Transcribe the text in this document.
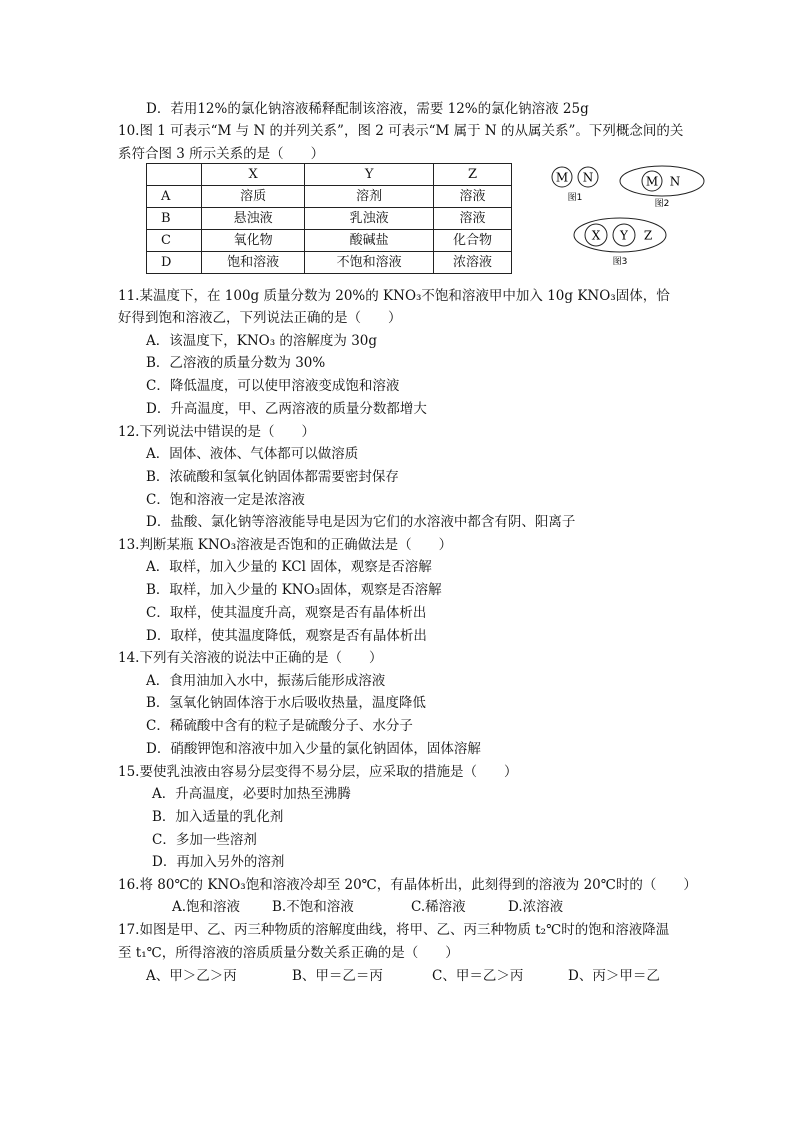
D．若用12%的氯化钠溶液稀释配制该溶液，需要 12%的氯化钠溶液 25g
10.图 1 可表示“M 与 N 的并列关系”，图 2 可表示“M 属于 N 的从属关系”。下列概念间的关
系符合图 3 所示关系的是（　　）
	X	Y	Z
A	溶质	溶剂	溶液
B	悬浊液	乳浊液	溶液
C	氧化物	酸碱盐	化合物
D	饱和溶液	不饱和溶液	浓溶液
M N
图1
M N
图2
X Y Z
图3
11.某温度下，在 100g 质量分数为 20%的 KNO₃不饱和溶液甲中加入 10g KNO₃固体，恰
好得到饱和溶液乙，下列说法正确的是（　　）
A．该温度下，KNO₃ 的溶解度为 30g
B．乙溶液的质量分数为 30%
C．降低温度，可以使甲溶液变成饱和溶液
D．升高温度，甲、乙两溶液的质量分数都增大
12.下列说法中错误的是（　　）
A．固体、液体、气体都可以做溶质
B．浓硫酸和氢氧化钠固体都需要密封保存
C．饱和溶液一定是浓溶液
D．盐酸、氯化钠等溶液能导电是因为它们的水溶液中都含有阴、阳离子
13.判断某瓶 KNO₃溶液是否饱和的正确做法是（　　）
A．取样，加入少量的 KCl 固体，观察是否溶解
B．取样，加入少量的 KNO₃固体，观察是否溶解
C．取样，使其温度升高，观察是否有晶体析出
D．取样，使其温度降低，观察是否有晶体析出
14.下列有关溶液的说法中正确的是（　　）
A．食用油加入水中，振荡后能形成溶液
B．氢氧化钠固体溶于水后吸收热量，温度降低
C．稀硫酸中含有的粒子是硫酸分子、水分子
D．硝酸钾饱和溶液中加入少量的氯化钠固体，固体溶解
15.要使乳浊液由容易分层变得不易分层，应采取的措施是（　　）
A．升高温度，必要时加热至沸腾
B．加入适量的乳化剂
C．多加一些溶剂
D．再加入另外的溶剂
16.将 80℃的 KNO₃饱和溶液冷却至 20℃，有晶体析出，此刻得到的溶液为 20℃时的（　　）
A.饱和溶液 B.不饱和溶液	C.稀溶液	D.浓溶液
17.如图是甲、乙、丙三种物质的溶解度曲线，将甲、乙、丙三种物质 t₂℃时的饱和溶液降温
至 t₁℃，所得溶液的溶质质量分数关系正确的是（　　）
A、甲＞乙＞丙	B、甲＝乙＝丙	C、甲＝乙＞丙	D、丙＞甲＝乙
